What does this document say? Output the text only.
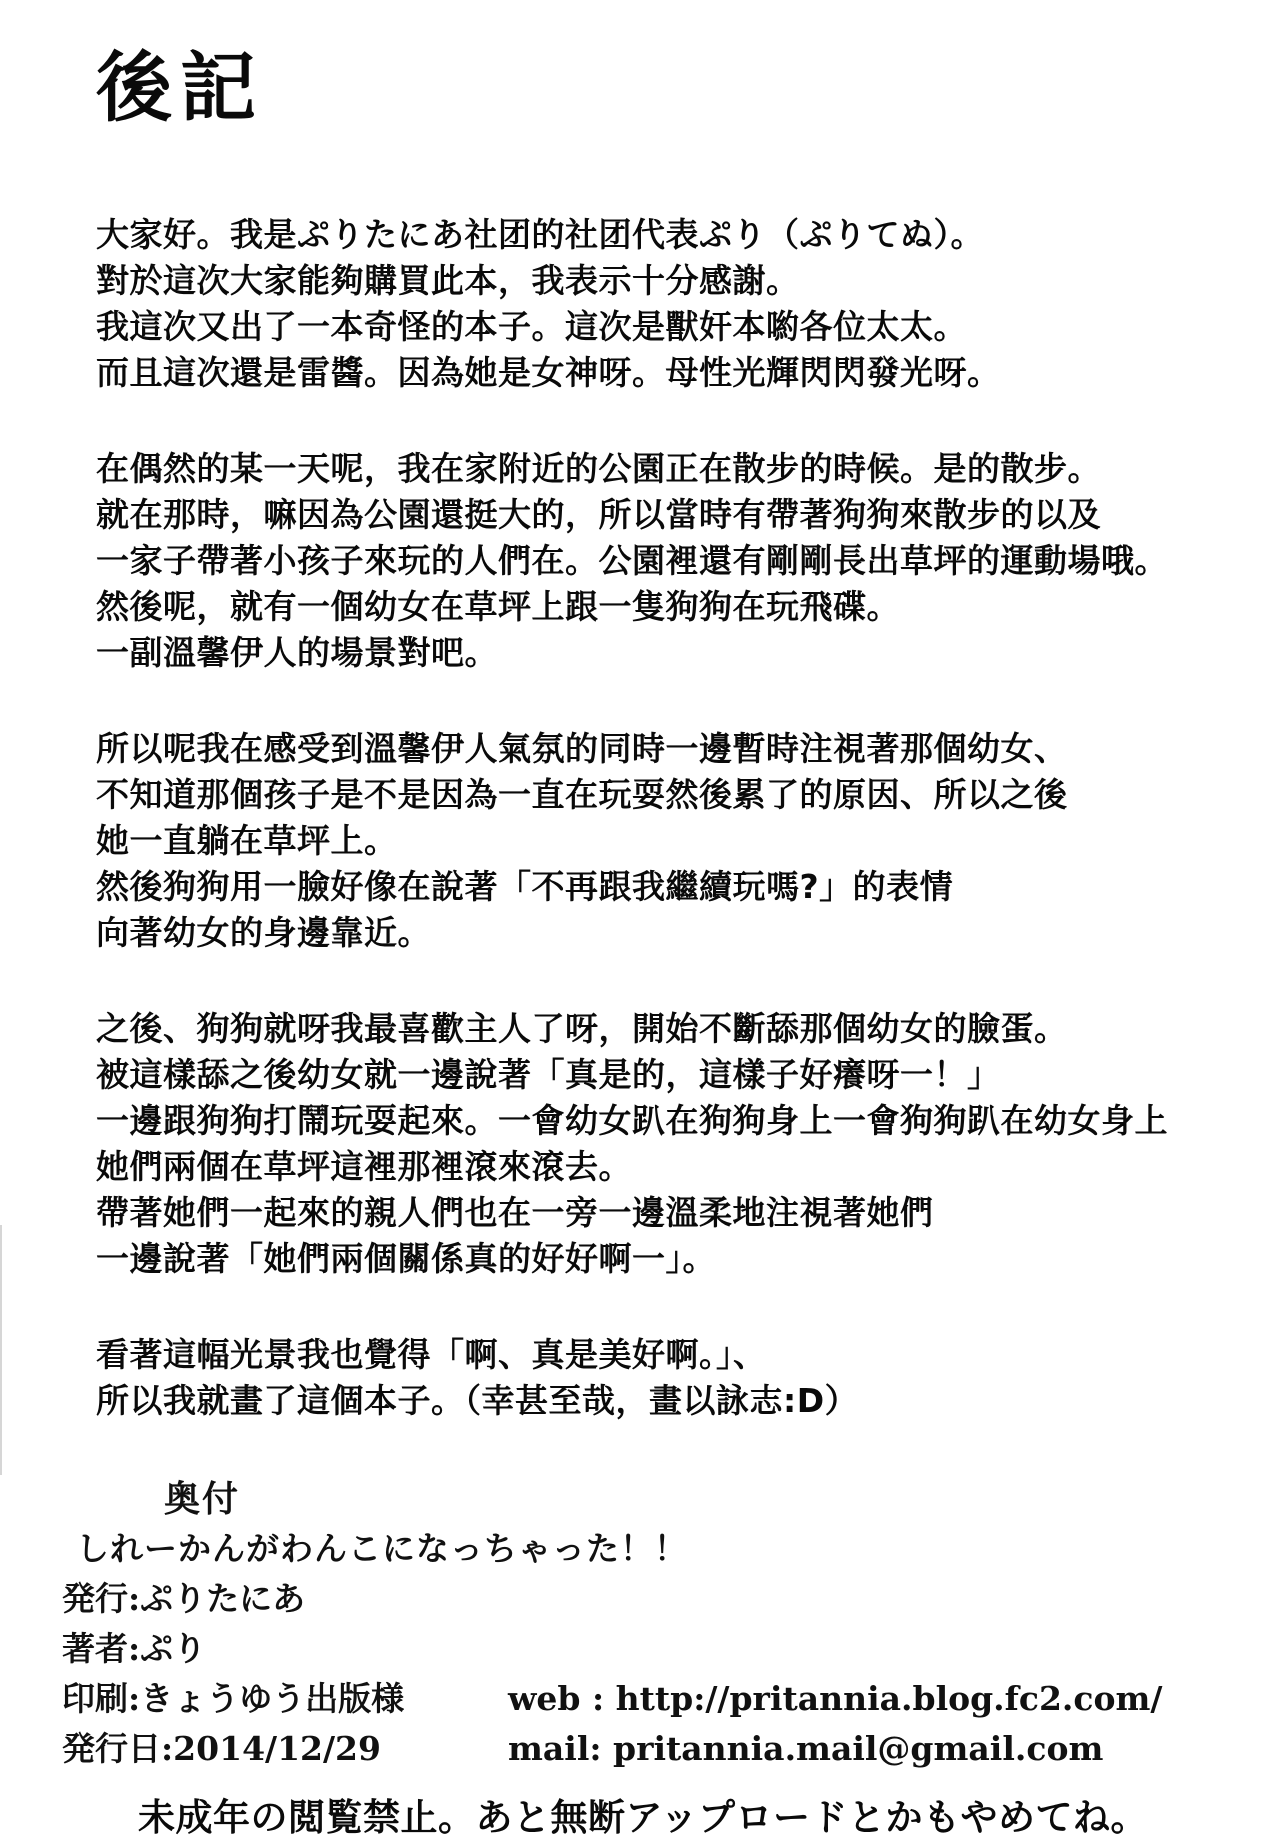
後記
大家好。我是ぷりたにあ社团的社团代表ぷり（ぷりてぬ）。
對於這次大家能夠購買此本，我表示十分感謝。
我這次又出了一本奇怪的本子。這次是獸奸本喲各位太太。
而且這次還是雷醬。因為她是女神呀。母性光輝閃閃發光呀。
在偶然的某一天呢，我在家附近的公園正在散步的時候。是的散步。
就在那時，嘛因為公園還挺大的，所以當時有帶著狗狗來散步的以及
一家子帶著小孩子來玩的人們在。公園裡還有剛剛長出草坪的運動場哦。
然後呢，就有一個幼女在草坪上跟一隻狗狗在玩飛碟。
一副溫馨伊人的場景對吧。
所以呢我在感受到溫馨伊人氣氛的同時一邊暫時注視著那個幼女、
不知道那個孩子是不是因為一直在玩耍然後累了的原因、所以之後
她一直躺在草坪上。
然後狗狗用一臉好像在說著「不再跟我繼續玩嗎?」的表情
向著幼女的身邊靠近。
之後、狗狗就呀我最喜歡主人了呀，開始不斷舔那個幼女的臉蛋。
被這樣舔之後幼女就一邊說著「真是的，這樣子好癢呀一！」
一邊跟狗狗打鬧玩耍起來。一會幼女趴在狗狗身上一會狗狗趴在幼女身上
她們兩個在草坪這裡那裡滾來滾去。
帶著她們一起來的親人們也在一旁一邊溫柔地注視著她們
一邊說著「她們兩個關係真的好好啊一」。
看著這幅光景我也覺得「啊、真是美好啊。」、
所以我就畫了這個本子。（幸甚至哉，畫以詠志:D）
奥付
しれーかんがわんこになっちゃった！！
発行:ぷりたにあ
著者:ぷり
印刷:きょうゆう出版様	web : http://pritannia.blog.fc2.com/
発行日:2014/12/29	mail: pritannia.mail@gmail.com
未成年の閲覧禁止。あと無断アップロードとかもやめてね。
